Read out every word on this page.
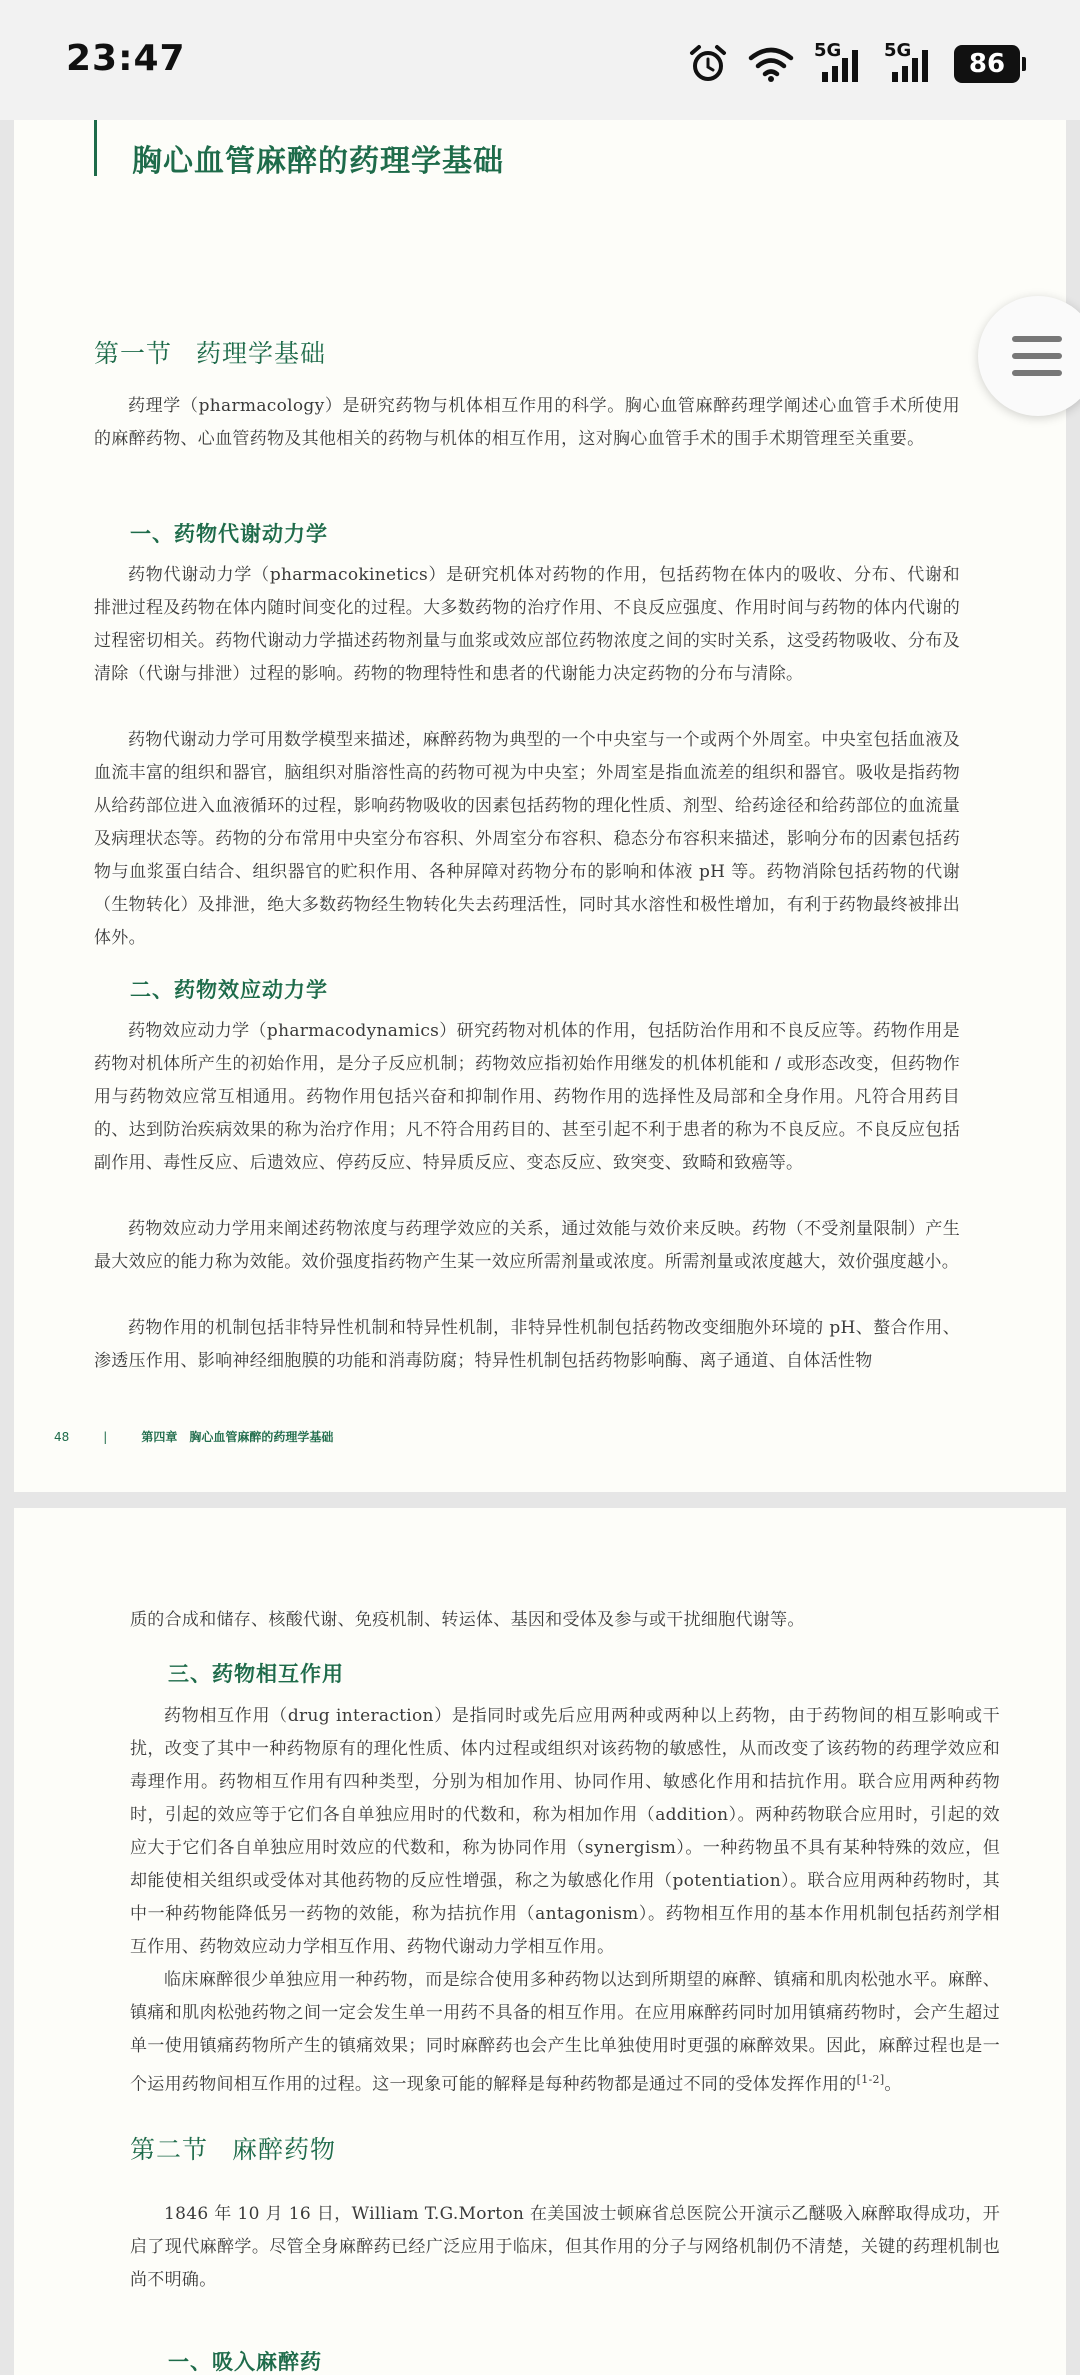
23:47	5G 5G	86
胸心血管麻醉的药理学基础
第一节 药理学基础

药理学（pharmacology）是研究药物与机体相互作用的科学。胸心血管麻醉药理学阐述心血管手术所使用的麻醉药物、心血管药物及其他相关的药物与机体的相互作用，这对胸心血管手术的围手术期管理至关重要。

一、药物代谢动力学

药物代谢动力学（pharmacokinetics）是研究机体对药物的作用，包括药物在体内的吸收、分布、代谢和排泄过程及药物在体内随时间变化的过程。大多数药物的治疗作用、不良反应强度、作用时间与药物的体内代谢的过程密切相关。药物代谢动力学描述药物剂量与血浆或效应部位药物浓度之间的实时关系，这受药物吸收、分布及清除（代谢与排泄）过程的影响。药物的物理特性和患者的代谢能力决定药物的分布与清除。

药物代谢动力学可用数学模型来描述，麻醉药物为典型的一个中央室与一个或两个外周室。中央室包括血液及血流丰富的组织和器官，脑组织对脂溶性高的药物可视为中央室；外周室是指血流差的组织和器官。吸收是指药物从给药部位进入血液循环的过程，影响药物吸收的因素包括药物的理化性质、剂型、给药途径和给药部位的血流量及病理状态等。药物的分布常用中央室分布容积、外周室分布容积、稳态分布容积来描述，影响分布的因素包括药物与血浆蛋白结合、组织器官的贮积作用、各种屏障对药物分布的影响和体液 pH 等。药物消除包括药物的代谢（生物转化）及排泄，绝大多数药物经生物转化失去药理活性，同时其水溶性和极性增加，有利于药物最终被排出体外。

二、药物效应动力学

药物效应动力学（pharmacodynamics）研究药物对机体的作用，包括防治作用和不良反应等。药物作用是药物对机体所产生的初始作用，是分子反应机制；药物效应指初始作用继发的机体机能和 / 或形态改变，但药物作用与药物效应常互相通用。药物作用包括兴奋和抑制作用、药物作用的选择性及局部和全身作用。凡符合用药目的、达到防治疾病效果的称为治疗作用；凡不符合用药目的、甚至引起不利于患者的称为不良反应。不良反应包括副作用、毒性反应、后遗效应、停药反应、特异质反应、变态反应、致突变、致畸和致癌等。

药物效应动力学用来阐述药物浓度与药理学效应的关系，通过效能与效价来反映。药物（不受剂量限制）产生最大效应的能力称为效能。效价强度指药物产生某一效应所需剂量或浓度。所需剂量或浓度越大，效价强度越小。

药物作用的机制包括非特异性机制和特异性机制，非特异性机制包括药物改变细胞外环境的 pH、螯合作用、渗透压作用、影响神经细胞膜的功能和消毒防腐；特异性机制包括药物影响酶、离子通道、自体活性物

48	|	第四章　胸心血管麻醉的药理学基础

质的合成和储存、核酸代谢、免疫机制、转运体、基因和受体及参与或干扰细胞代谢等。

三、药物相互作用

药物相互作用（drug interaction）是指同时或先后应用两种或两种以上药物，由于药物间的相互影响或干扰，改变了其中一种药物原有的理化性质、体内过程或组织对该药物的敏感性，从而改变了该药物的药理学效应和毒理作用。药物相互作用有四种类型，分别为相加作用、协同作用、敏感化作用和拮抗作用。联合应用两种药物时，引起的效应等于它们各自单独应用时的代数和，称为相加作用（addition）。两种药物联合应用时，引起的效应大于它们各自单独应用时效应的代数和，称为协同作用（synergism）。一种药物虽不具有某种特殊的效应，但却能使相关组织或受体对其他药物的反应性增强，称之为敏感化作用（potentiation）。联合应用两种药物时，其中一种药物能降低另一药物的效能，称为拮抗作用（antagonism）。药物相互作用的基本作用机制包括药剂学相互作用、药物效应动力学相互作用、药物代谢动力学相互作用。

临床麻醉很少单独应用一种药物，而是综合使用多种药物以达到所期望的麻醉、镇痛和肌肉松弛水平。麻醉、镇痛和肌肉松弛药物之间一定会发生单一用药不具备的相互作用。在应用麻醉药同时加用镇痛药物时，会产生超过单一使用镇痛药物所产生的镇痛效果；同时麻醉药也会产生比单独使用时更强的麻醉效果。因此，麻醉过程也是一个运用药物间相互作用的过程。这一现象可能的解释是每种药物都是通过不同的受体发挥作用的[1-2]。

第二节 麻醉药物

1846 年 10 月 16 日，William T.G.Morton 在美国波士顿麻省总医院公开演示乙醚吸入麻醉取得成功，开启了现代麻醉学。尽管全身麻醉药已经广泛应用于临床，但其作用的分子与网络机制仍不清楚，关键的药理机制也尚不明确。

一、吸入麻醉药
